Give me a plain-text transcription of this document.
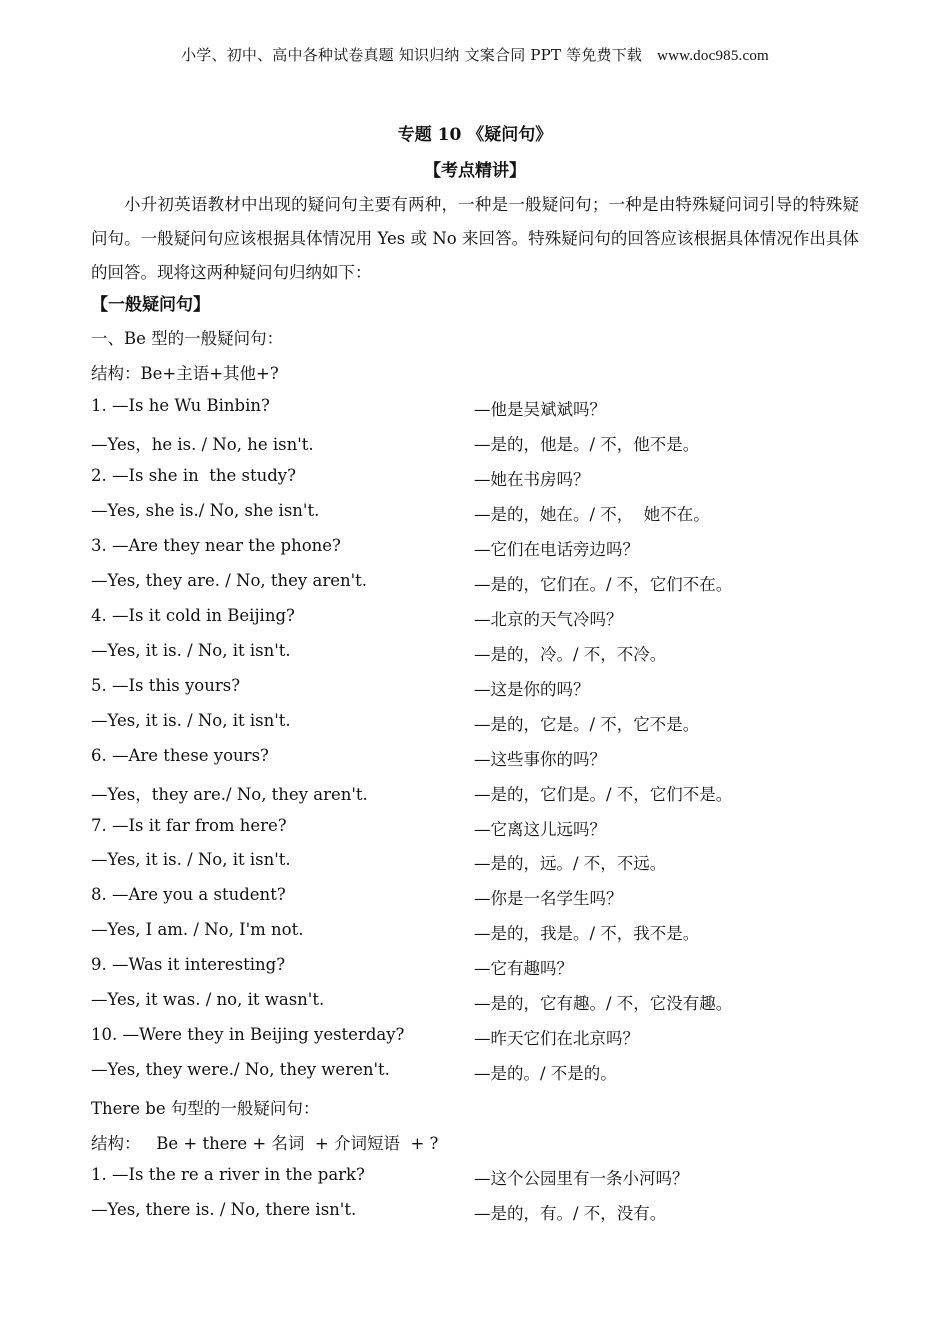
小学、初中、高中各种试卷真题 知识归纳 文案合同 PPT 等免费下载 www.doc985.com
专题 10 《疑问句》
【考点精讲】
小升初英语教材中出现的疑问句主要有两种，一种是一般疑问句；一种是由特殊疑问词引导的特殊疑问句。一般疑问句应该根据具体情况用 Yes 或 No 来回答。特殊疑问句的回答应该根据具体情况作出具体的回答。现将这两种疑问句归纳如下：
【一般疑问句】
一、Be 型的一般疑问句：
结构：Be+主语+其他+?
1. —Is he Wu Binbin?	—他是吴斌斌吗？
—Yes，he is. / No, he isn't.	—是的，他是。/ 不，他不是。
2. —Is she in  the study?	—她在书房吗？
—Yes, she is./ No, she isn't.	—是的，她在。/ 不，  她不在。
3. —Are they near the phone?	—它们在电话旁边吗？
—Yes, they are. / No, they aren't.	—是的，它们在。/ 不，它们不在。
4. —Is it cold in Beijing?	—北京的天气冷吗？
—Yes, it is. / No, it isn't.	—是的，冷。/ 不，不冷。
5. —Is this yours?	—这是你的吗？
—Yes, it is. / No, it isn't.	—是的，它是。/ 不，它不是。
6. —Are these yours?	—这些事你的吗？
—Yes，they are./ No, they aren't.	—是的，它们是。/ 不，它们不是。
7. —Is it far from here?	—它离这儿远吗？
—Yes, it is. / No, it isn't.	—是的，远。/ 不，不远。
8. —Are you a student?	—你是一名学生吗？
—Yes, I am. / No, I'm not.	—是的，我是。/ 不，我不是。
9. —Was it interesting?	—它有趣吗？
—Yes, it was. / no, it wasn't.	—是的，它有趣。/ 不，它没有趣。
10. —Were they in Beijing yesterday?	—昨天它们在北京吗？
—Yes, they were./ No, they weren't.	—是的。/ 不是的。
There be 句型的一般疑问句：
结构：   Be + there + 名词  + 介词短语  + ?
1. —Is the re a river in the park?	—这个公园里有一条小河吗？
—Yes, there is. / No, there isn't.	—是的，有。/ 不，没有。
